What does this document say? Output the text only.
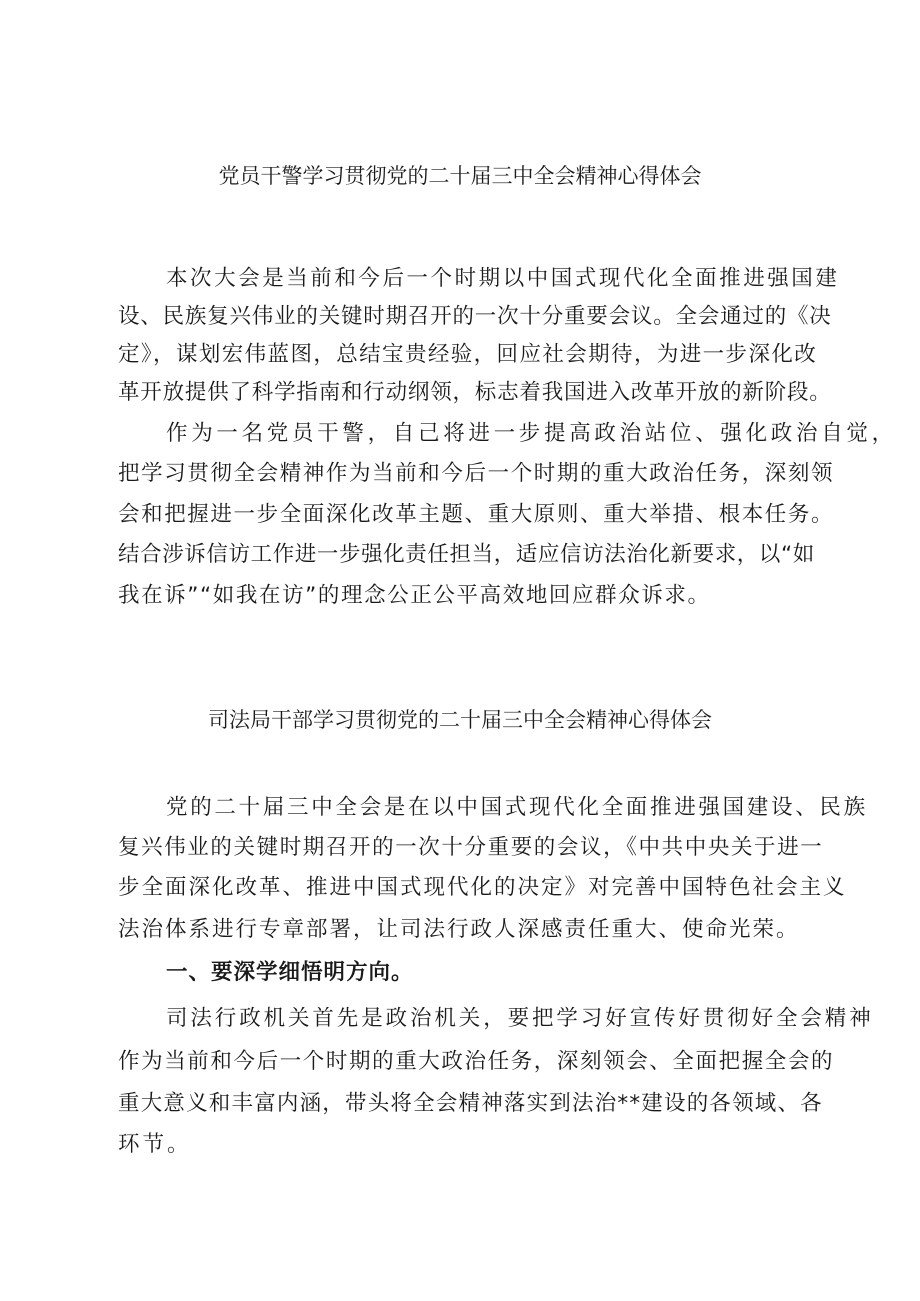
党员干警学习贯彻党的二十届三中全会精神心得体会

本次大会是当前和今后一个时期以中国式现代化全面推进强国建

设、民族复兴伟业的关键时期召开的一次十分重要会议。全会通过的《决

定》，谋划宏伟蓝图，总结宝贵经验，回应社会期待，为进一步深化改

革开放提供了科学指南和行动纲领，标志着我国进入改革开放的新阶段。

作为一名党员干警，自己将进一步提高政治站位、强化政治自觉，

把学习贯彻全会精神作为当前和今后一个时期的重大政治任务，深刻领

会和把握进一步全面深化改革主题、重大原则、重大举措、根本任务。

结合涉诉信访工作进一步强化责任担当，适应信访法治化新要求，以“如

我在诉”“如我在访”的理念公正公平高效地回应群众诉求。

司法局干部学习贯彻党的二十届三中全会精神心得体会

党的二十届三中全会是在以中国式现代化全面推进强国建设、民族

复兴伟业的关键时期召开的一次十分重要的会议，《中共中央关于进一

步全面深化改革、推进中国式现代化的决定》对完善中国特色社会主义

法治体系进行专章部署，让司法行政人深感责任重大、使命光荣。

一、要深学细悟明方向。

司法行政机关首先是政治机关，要把学习好宣传好贯彻好全会精神

作为当前和今后一个时期的重大政治任务，深刻领会、全面把握全会的

重大意义和丰富内涵，带头将全会精神落实到法治**建设的各领域、各

环节。
